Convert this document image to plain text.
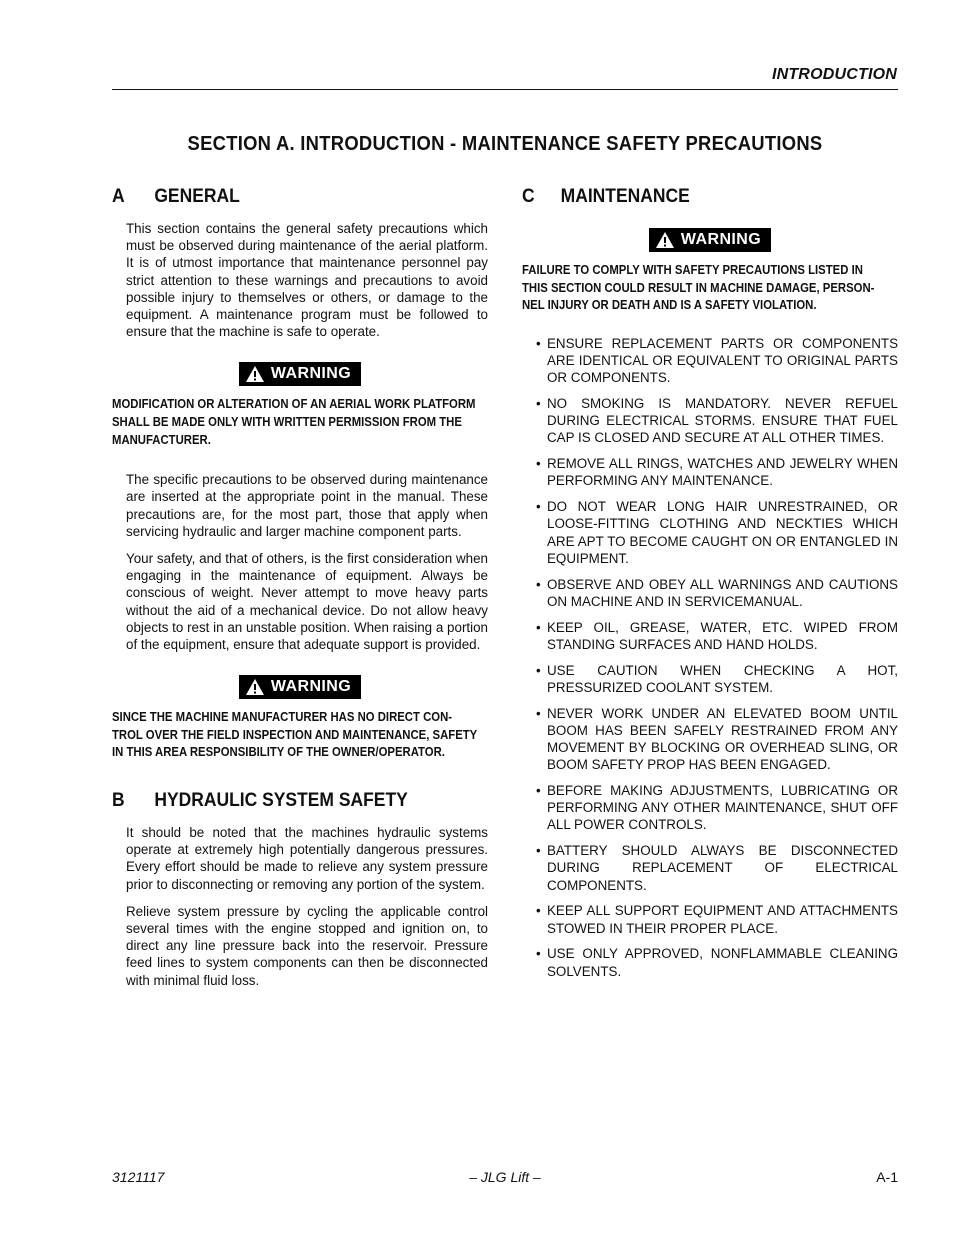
INTRODUCTION
SECTION A. INTRODUCTION - MAINTENANCE SAFETY PRECAUTIONS
A	GENERAL

This section contains the general safety precautions which must be observed during maintenance of the aerial platform. It is of utmost importance that maintenance personnel pay strict attention to these warnings and precautions to avoid possible injury to themselves or others, or damage to the equipment. A maintenance program must be followed to ensure that the machine is safe to operate.

WARNING
MODIFICATION OR ALTERATION OF AN AERIAL WORK PLATFORM
SHALL BE MADE ONLY WITH WRITTEN PERMISSION FROM THE
MANUFACTURER.

The specific precautions to be observed during maintenance are inserted at the appropriate point in the manual. These precautions are, for the most part, those that apply when servicing hydraulic and larger machine component parts.

Your safety, and that of others, is the first consideration when engaging in the maintenance of equipment. Always be conscious of weight. Never attempt to move heavy parts without the aid of a mechanical device. Do not allow heavy objects to rest in an unstable position. When raising a portion of the equipment, ensure that adequate support is provided.

WARNING
SINCE THE MACHINE MANUFACTURER HAS NO DIRECT CON-
TROL OVER THE FIELD INSPECTION AND MAINTENANCE, SAFETY
IN THIS AREA RESPONSIBILITY OF THE OWNER/OPERATOR.
B	HYDRAULIC SYSTEM SAFETY

It should be noted that the machines hydraulic systems operate at extremely high potentially dangerous pressures. Every effort should be made to relieve any system pressure prior to disconnecting or removing any portion of the system.

Relieve system pressure by cycling the applicable control several times with the engine stopped and ignition on, to direct any line pressure back into the reservoir. Pressure feed lines to system components can then be disconnected with minimal fluid loss.

C	MAINTENANCE
WARNING
FAILURE TO COMPLY WITH SAFETY PRECAUTIONS LISTED IN
THIS SECTION COULD RESULT IN MACHINE DAMAGE, PERSON-
NEL INJURY OR DEATH AND IS A SAFETY VIOLATION.
• ENSURE REPLACEMENT PARTS OR COMPONENTS ARE IDENTICAL OR EQUIVALENT TO ORIGINAL PARTS OR COMPONENTS.
• NO SMOKING IS MANDATORY. NEVER REFUEL DURING ELECTRICAL STORMS. ENSURE THAT FUEL CAP IS CLOSED AND SECURE AT ALL OTHER TIMES.
• REMOVE ALL RINGS, WATCHES AND JEWELRY WHEN PERFORMING ANY MAINTENANCE.
• DO NOT WEAR LONG HAIR UNRESTRAINED, OR LOOSE-FITTING CLOTHING AND NECKTIES WHICH ARE APT TO BECOME CAUGHT ON OR ENTANGLED IN EQUIPMENT.
• OBSERVE AND OBEY ALL WARNINGS AND CAUTIONS ON MACHINE AND IN SERVICEMANUAL.
• KEEP OIL, GREASE, WATER, ETC. WIPED FROM STANDING SURFACES AND HAND HOLDS.
• USE CAUTION WHEN CHECKING A HOT, PRESSURIZED COOLANT SYSTEM.
• NEVER WORK UNDER AN ELEVATED BOOM UNTIL BOOM HAS BEEN SAFELY RESTRAINED FROM ANY MOVEMENT BY BLOCKING OR OVERHEAD SLING, OR BOOM SAFETY PROP HAS BEEN ENGAGED.
• BEFORE MAKING ADJUSTMENTS, LUBRICATING OR PERFORMING ANY OTHER MAINTENANCE, SHUT OFF ALL POWER CONTROLS.
• BATTERY SHOULD ALWAYS BE DISCONNECTED DURING REPLACEMENT OF ELECTRICAL COMPONENTS.
• KEEP ALL SUPPORT EQUIPMENT AND ATTACHMENTS STOWED IN THEIR PROPER PLACE.
• USE ONLY APPROVED, NONFLAMMABLE CLEANING SOLVENTS.
3121117	– JLG Lift –	A-1
